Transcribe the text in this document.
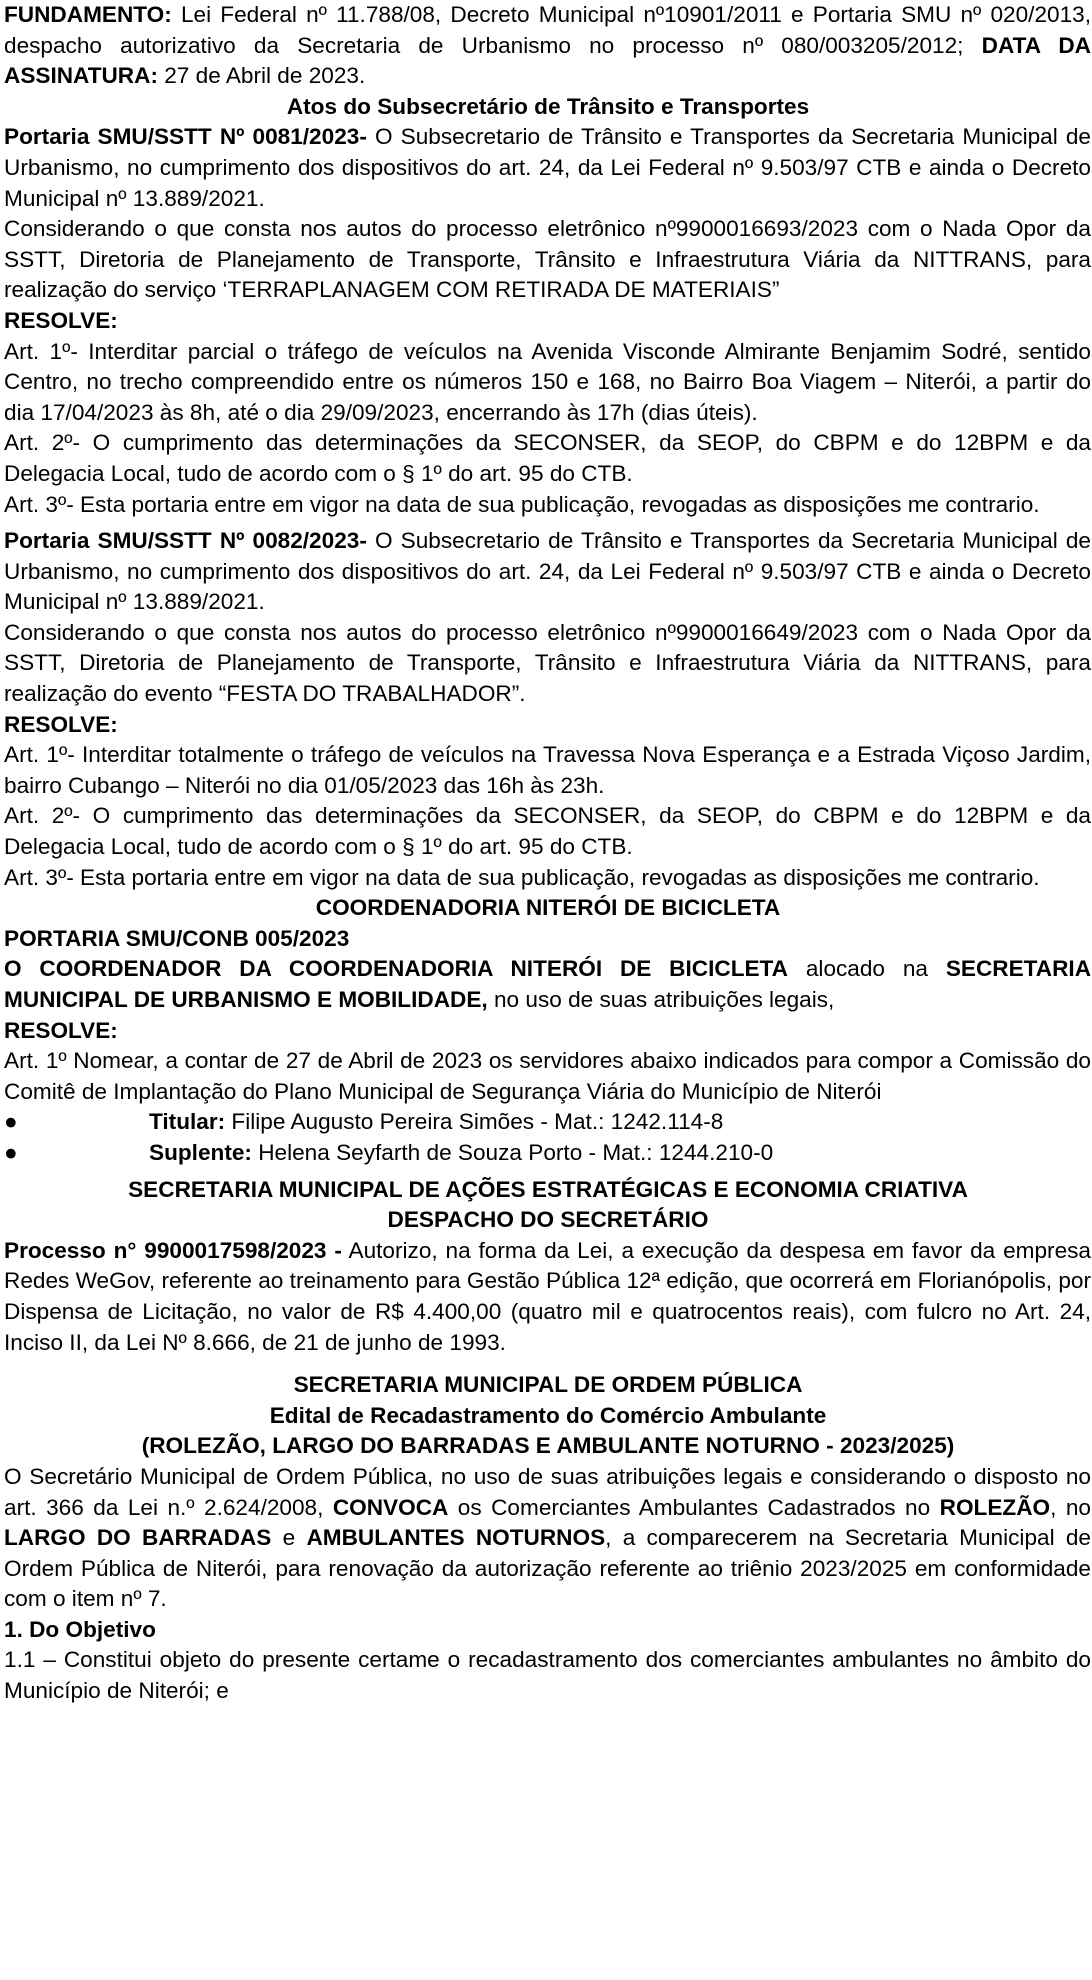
FUNDAMENTO: Lei Federal nº 11.788/08, Decreto Municipal nº10901/2011 e Portaria SMU nº 020/2013, despacho autorizativo da Secretaria de Urbanismo no processo nº 080/003205/2012; DATA DA ASSINATURA: 27 de Abril de 2023.

Atos do Subsecretário de Trânsito e Transportes

Portaria SMU/SSTT Nº 0081/2023- O Subsecretario de Trânsito e Transportes da Secretaria Municipal de Urbanismo, no cumprimento dos dispositivos do art. 24, da Lei Federal nº 9.503/97 CTB e ainda o Decreto Municipal nº 13.889/2021.

Considerando o que consta nos autos do processo eletrônico nº9900016693/2023 com o Nada Opor da SSTT, Diretoria de Planejamento de Transporte, Trânsito e Infraestrutura Viária da NITTRANS, para realização do serviço ‘TERRAPLANAGEM COM RETIRADA DE MATERIAIS”

RESOLVE:

Art. 1º- Interditar parcial o tráfego de veículos na Avenida Visconde Almirante Benjamim Sodré, sentido Centro, no trecho compreendido entre os números 150 e 168, no Bairro Boa Viagem – Niterói, a partir do dia 17/04/2023 às 8h, até o dia 29/09/2023, encerrando às 17h (dias úteis).

Art. 2º- O cumprimento das determinações da SECONSER, da SEOP, do CBPM e do 12BPM e da Delegacia Local, tudo de acordo com o § 1º do art. 95 do CTB.

Art. 3º- Esta portaria entre em vigor na data de sua publicação, revogadas as disposições me contrario.

Portaria SMU/SSTT Nº 0082/2023- O Subsecretario de Trânsito e Transportes da Secretaria Municipal de Urbanismo, no cumprimento dos dispositivos do art. 24, da Lei Federal nº 9.503/97 CTB e ainda o Decreto Municipal nº 13.889/2021.

Considerando o que consta nos autos do processo eletrônico nº9900016649/2023 com o Nada Opor da SSTT, Diretoria de Planejamento de Transporte, Trânsito e Infraestrutura Viária da NITTRANS, para realização do evento “FESTA DO TRABALHADOR”.

RESOLVE:

Art. 1º- Interditar totalmente o tráfego de veículos na Travessa Nova Esperança e a Estrada Viçoso Jardim, bairro Cubango – Niterói no dia 01/05/2023 das 16h às 23h.

Art. 2º- O cumprimento das determinações da SECONSER, da SEOP, do CBPM e do 12BPM e da Delegacia Local, tudo de acordo com o § 1º do art. 95 do CTB.

Art. 3º- Esta portaria entre em vigor na data de sua publicação, revogadas as disposições me contrario.

COORDENADORIA NITERÓI DE BICICLETA

PORTARIA SMU/CONB 005/2023

O COORDENADOR DA COORDENADORIA NITERÓI DE BICICLETA alocado na SECRETARIA MUNICIPAL DE URBANISMO E MOBILIDADE, no uso de suas atribuições legais,

RESOLVE:

Art. 1º Nomear, a contar de 27 de Abril de 2023 os servidores abaixo indicados para compor a Comissão do Comitê de Implantação do Plano Municipal de Segurança Viária do Município de Niterói

●	Titular: Filipe Augusto Pereira Simões - Mat.: 1242.114-8
●	Suplente: Helena Seyfarth de Souza Porto - Mat.: 1244.210-0
SECRETARIA MUNICIPAL DE AÇÕES ESTRATÉGICAS E ECONOMIA CRIATIVA
DESPACHO DO SECRETÁRIO

Processo n° 9900017598/2023 - Autorizo, na forma da Lei, a execução da despesa em favor da empresa Redes WeGov, referente ao treinamento para Gestão Pública 12ª edição, que ocorrerá em Florianópolis, por Dispensa de Licitação, no valor de R$ 4.400,00 (quatro mil e quatrocentos reais), com fulcro no Art. 24, Inciso II, da Lei Nº 8.666, de 21 de junho de 1993.

SECRETARIA MUNICIPAL DE ORDEM PÚBLICA
Edital de Recadastramento do Comércio Ambulante
(ROLEZÃO, LARGO DO BARRADAS E AMBULANTE NOTURNO - 2023/2025)

O Secretário Municipal de Ordem Pública, no uso de suas atribuições legais e considerando o disposto no art. 366 da Lei n.º 2.624/2008, CONVOCA os Comerciantes Ambulantes Cadastrados no ROLEZÃO, no LARGO DO BARRADAS e AMBULANTES NOTURNOS, a comparecerem na Secretaria Municipal de Ordem Pública de Niterói, para renovação da autorização referente ao triênio 2023/2025 em conformidade com o item nº 7.

1. Do Objetivo

1.1 – Constitui objeto do presente certame o recadastramento dos comerciantes ambulantes no âmbito do Município de Niterói; e
